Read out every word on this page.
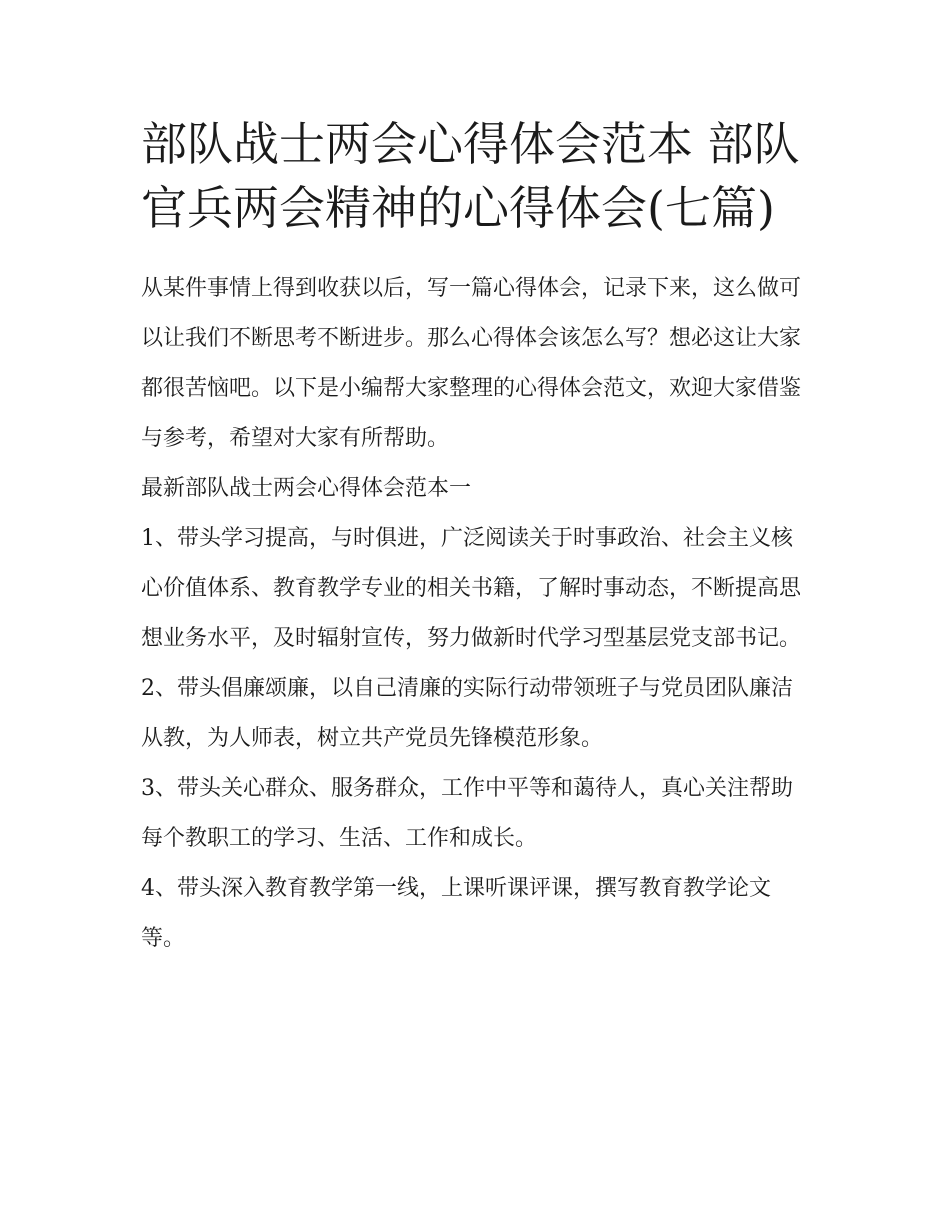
部队战士两会心得体会范本 部队官兵两会精神的心得体会(七篇)

从某件事情上得到收获以后，写一篇心得体会，记录下来，这么做可以让我们不断思考不断进步。那么心得体会该怎么写？想必这让大家都很苦恼吧。以下是小编帮大家整理的心得体会范文，欢迎大家借鉴与参考，希望对大家有所帮助。

最新部队战士两会心得体会范本一

1、带头学习提高，与时俱进，广泛阅读关于时事政治、社会主义核心价值体系、教育教学专业的相关书籍，了解时事动态，不断提高思想业务水平，及时辐射宣传，努力做新时代学习型基层党支部书记。

2、带头倡廉颂廉，以自己清廉的实际行动带领班子与党员团队廉洁从教，为人师表，树立共产党员先锋模范形象。

3、带头关心群众、服务群众，工作中平等和蔼待人，真心关注帮助每个教职工的学习、生活、工作和成长。

4、带头深入教育教学第一线，上课听课评课，撰写教育教学论文等。
